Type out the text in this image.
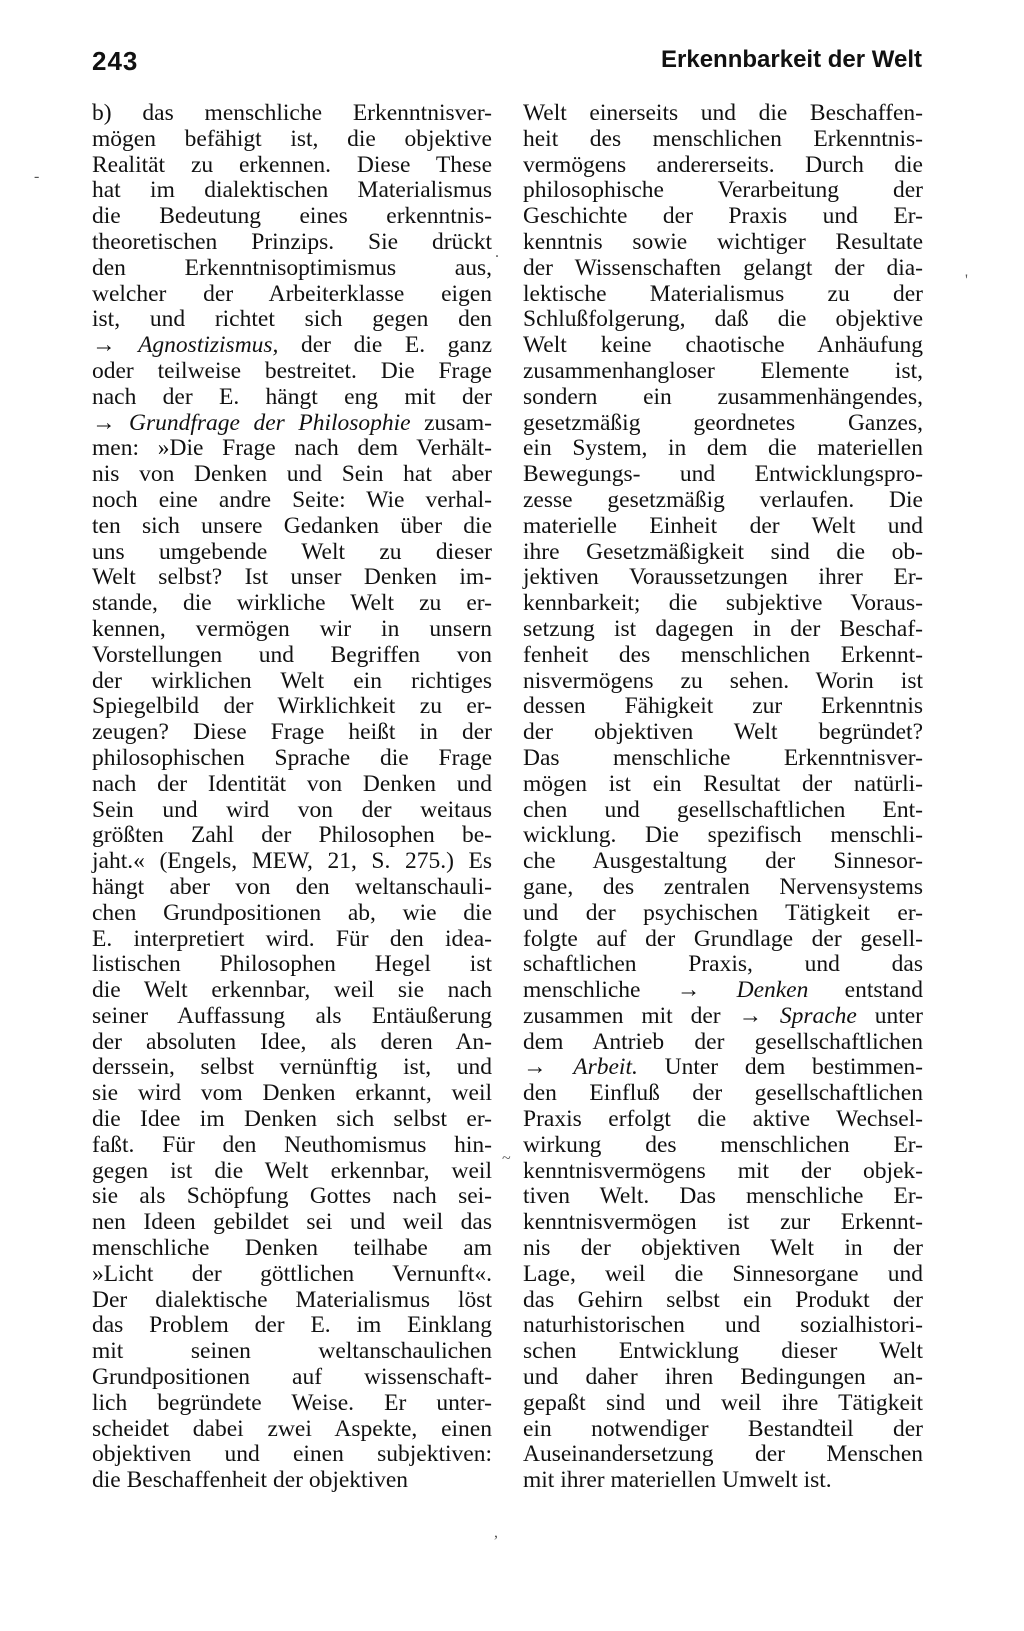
243	Erkennbarkeit der Welt
b) das menschliche Erkenntnisver-
mögen befähigt ist, die objektive
Realität zu erkennen. Diese These
hat im dialektischen Materialismus
die Bedeutung eines erkenntnis-
theoretischen Prinzips. Sie drückt
den Erkenntnisoptimismus aus,
welcher der Arbeiterklasse eigen
ist, und richtet sich gegen den
→ Agnostizismus, der die E. ganz
oder teilweise bestreitet. Die Frage
nach der E. hängt eng mit der
→ Grundfrage der Philosophie zusam-
men: »Die Frage nach dem Verhält-
nis von Denken und Sein hat aber
noch eine andre Seite: Wie verhal-
ten sich unsere Gedanken über die
uns umgebende Welt zu dieser
Welt selbst? Ist unser Denken im-
stande, die wirkliche Welt zu er-
kennen, vermögen wir in unsern
Vorstellungen und Begriffen von
der wirklichen Welt ein richtiges
Spiegelbild der Wirklichkeit zu er-
zeugen? Diese Frage heißt in der
philosophischen Sprache die Frage
nach der Identität von Denken und
Sein und wird von der weitaus
größten Zahl der Philosophen be-
jaht.« (Engels, MEW, 21, S. 275.) Es
hängt aber von den weltanschauli-
chen Grundpositionen ab, wie die
E. interpretiert wird. Für den idea-
listischen Philosophen Hegel ist
die Welt erkennbar, weil sie nach
seiner Auffassung als Entäußerung
der absoluten Idee, als deren An-
derssein, selbst vernünftig ist, und
sie wird vom Denken erkannt, weil
die Idee im Denken sich selbst er-
faßt. Für den Neuthomismus hin-
gegen ist die Welt erkennbar, weil
sie als Schöpfung Gottes nach sei-
nen Ideen gebildet sei und weil das
menschliche Denken teilhabe am
»Licht der göttlichen Vernunft«.
Der dialektische Materialismus löst
das Problem der E. im Einklang
mit seinen weltanschaulichen
Grundpositionen auf wissenschaft-
lich begründete Weise. Er unter-
scheidet dabei zwei Aspekte, einen
objektiven und einen subjektiven:
die Beschaffenheit der objektiven
Welt einerseits und die Beschaffen-
heit des menschlichen Erkenntnis-
vermögens andererseits. Durch die
philosophische Verarbeitung der
Geschichte der Praxis und Er-
kenntnis sowie wichtiger Resultate
der Wissenschaften gelangt der dia-
lektische Materialismus zu der
Schlußfolgerung, daß die objektive
Welt keine chaotische Anhäufung
zusammenhangloser Elemente ist,
sondern ein zusammenhängendes,
gesetzmäßig geordnetes Ganzes,
ein System, in dem die materiellen
Bewegungs- und Entwicklungspro-
zesse gesetzmäßig verlaufen. Die
materielle Einheit der Welt und
ihre Gesetzmäßigkeit sind die ob-
jektiven Voraussetzungen ihrer Er-
kennbarkeit; die subjektive Voraus-
setzung ist dagegen in der Beschaf-
fenheit des menschlichen Erkennt-
nisvermögens zu sehen. Worin ist
dessen Fähigkeit zur Erkenntnis
der objektiven Welt begründet?
Das menschliche Erkenntnisver-
mögen ist ein Resultat der natürli-
chen und gesellschaftlichen Ent-
wicklung. Die spezifisch menschli-
che Ausgestaltung der Sinnesor-
gane, des zentralen Nervensystems
und der psychischen Tätigkeit er-
folgte auf der Grundlage der gesell-
schaftlichen Praxis, und das
menschliche → Denken entstand
zusammen mit der → Sprache unter
dem Antrieb der gesellschaftlichen
→ Arbeit. Unter dem bestimmen-
den Einfluß der gesellschaftlichen
Praxis erfolgt die aktive Wechsel-
wirkung des menschlichen Er-
kenntnisvermögens mit der objek-
tiven Welt. Das menschliche Er-
kenntnisvermögen ist zur Erkennt-
nis der objektiven Welt in der
Lage, weil die Sinnesorgane und
das Gehirn selbst ein Produkt der
naturhistorischen und sozialhistori-
schen Entwicklung dieser Welt
und daher ihren Bedingungen an-
gepaßt sind und weil ihre Tätigkeit
ein notwendiger Bestandteil der
Auseinandersetzung der Menschen
mit ihrer materiellen Umwelt ist.
-
.
'
~
,
